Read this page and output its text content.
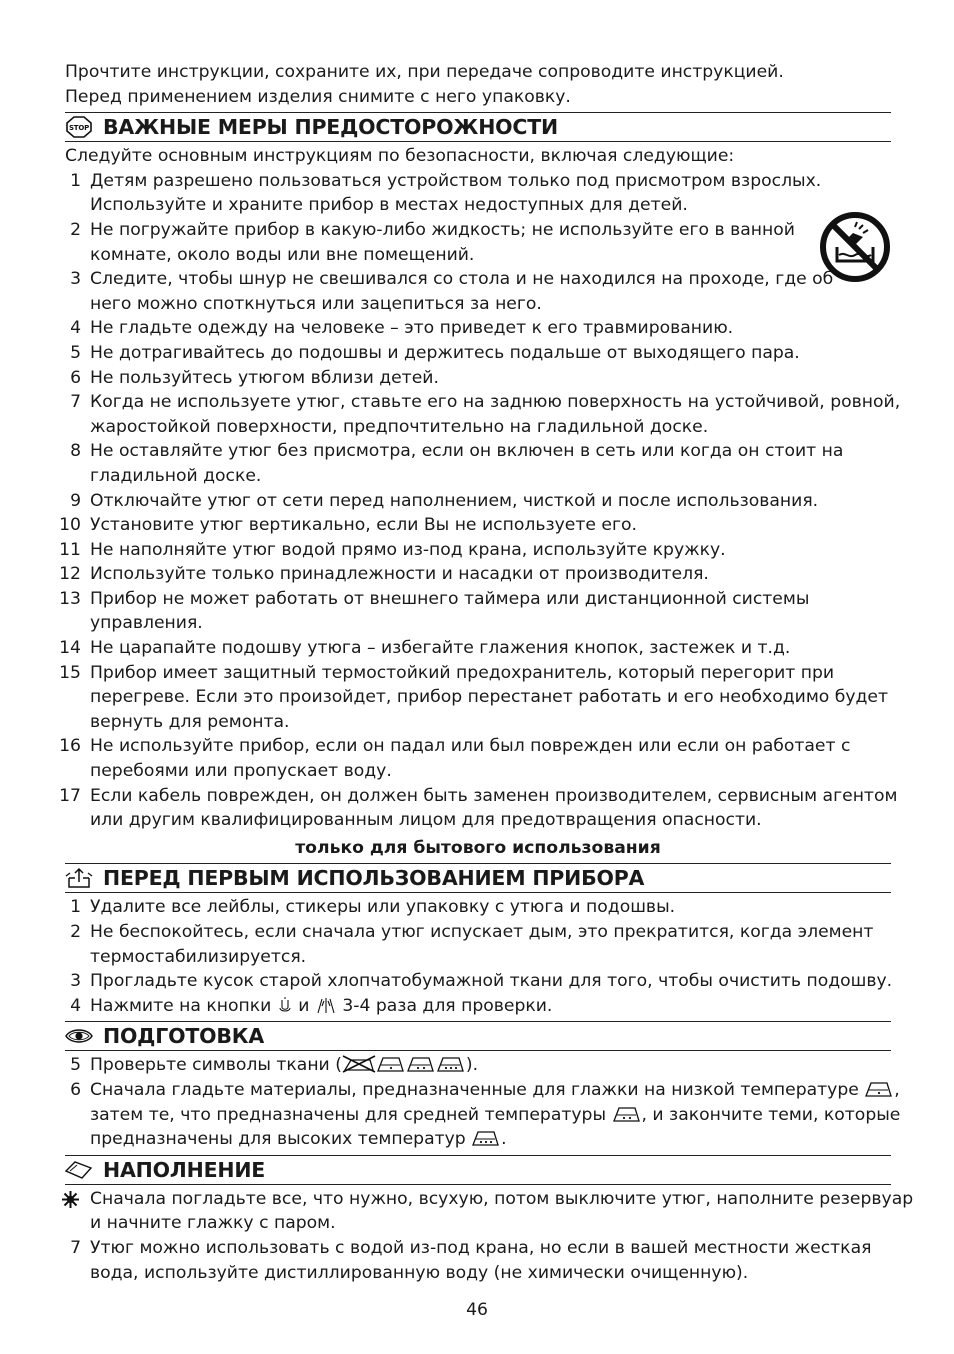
Прочтите инструкции, сохраните их, при передаче сопроводите инструкцией.

Перед применением изделия снимите с него упаковку.

STOP ВАЖНЫЕ МЕРЫ ПРЕДОСТОРОЖНОСТИ

Следуйте основным инструкциям по безопасности, включая следующие:

1 Детям разрешено пользоваться устройством только под присмотром взрослых.
Используйте и храните прибор в местах недоступных для детей.
2 Не погружайте прибор в какую-либо жидкость; не используйте его в ванной
комнате, около воды или вне помещений.
3 Следите, чтобы шнур не свешивался со стола и не находился на проходе, где об
него можно споткнуться или зацепиться за него.
4 Не гладьте одежду на человеке – это приведет к его травмированию.
5 Не дотрагивайтесь до подошвы и держитесь подальше от выходящего пара.
6 Не пользуйтесь утюгом вблизи детей.
7 Когда не используете утюг, ставьте его на заднюю поверхность на устойчивой, ровной,
жаростойкой поверхности, предпочтительно на гладильной доске.
8 Не оставляйте утюг без присмотра, если он включен в сеть или когда он стоит на
гладильной доске.
9 Отключайте утюг от сети перед наполнением, чисткой и после использования.
10 Установите утюг вертикально, если Вы не используете его.
11 Не наполняйте утюг водой прямо из-под крана, используйте кружку.
12 Используйте только принадлежности и насадки от производителя.
13 Прибор не может работать от внешнего таймера или дистанционной системы
управления.
14 Не царапайте подошву утюга – избегайте глажения кнопок, застежек и т.д.
15 Прибор имеет защитный термостойкий предохранитель, который перегорит при
перегреве. Если это произойдет, прибор перестанет работать и его необходимо будет
вернуть для ремонта.
16 Не используйте прибор, если он падал или был поврежден или если он работает с
перебоями или пропускает воду.
17 Если кабель поврежден, он должен быть заменен производителем, сервисным агентом
или другим квалифицированным лицом для предотвращения опасности.

только для бытового использования

ПЕРЕД ПЕРВЫМ ИСПОЛЬЗОВАНИЕМ ПРИБОРА
1 Удалите все лейблы, стикеры или упаковку с утюга и подошвы.
2 Не беспокойтесь, если сначала утюг испускает дым, это прекратится, когда элемент
термостабилизируется.
3 Прогладьте кусок старой хлопчатобумажной ткани для того, чтобы очистить подошву.
4 Нажмите на кнопки  и  3-4 раза для проверки.
ПОДГОТОВКА
5 Проверьте символы ткани (	).
6 Сначала гладьте материалы, предназначенные для глажки на низкой температуре ,
затем те, что предназначены для средней температуры , и закончите теми, которые
предназначены для высоких температур .
НАПОЛНЕНИЕ
Сначала погладьте все, что нужно, всухую, потом выключите утюг, наполните резервуар
и начните глажку с паром.
7 Утюг можно использовать с водой из-под крана, но если в вашей местности жесткая
вода, используйте дистиллированную воду (не химически очищенную).
46
